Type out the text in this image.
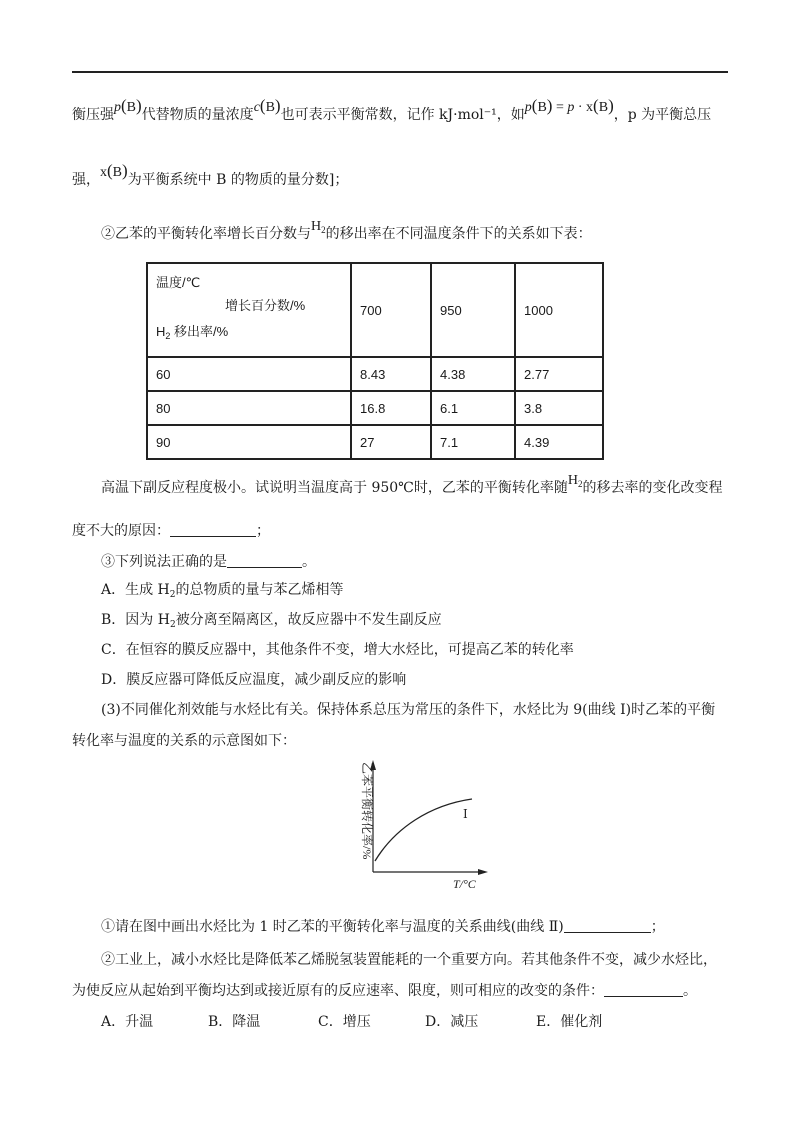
衡压强p(B)代替物质的量浓度c(B)也可表示平衡常数，记作 kJ·mol⁻¹，如p(B) = p · x(B)，p 为平衡总压
强，x(B)为平衡系统中 B 的物质的量分数]；
②乙苯的平衡转化率增长百分数与$H_2$的移出率在不同温度条件下的关系如下表：
温度/℃
增长百分数/%
$H_2$ 移出率/%	700	950	1000
60	8.43	4.38	2.77
80	16.8	6.1	3.8
90	27	7.1	4.39
高温下副反应程度极小。试说明当温度高于 950℃时，乙苯的平衡转化率随$H_2$的移去率的变化改变程
度不大的原因：	；
③下列说法正确的是	。
A．生成 $H_2$的总物质的量与苯乙烯相等
B．因为 $H_2$被分离至隔离区，故反应器中不发生副反应
C．在恒容的膜反应器中，其他条件不变，增大水烃比，可提高乙苯的转化率
D．膜反应器可降低反应温度，减少副反应的影响
(3)不同催化剂效能与水烃比有关。保持体系总压为常压的条件下，水烃比为 9(曲线 Ⅰ)时乙苯的平衡
转化率与温度的关系的示意图如下：
乙苯平衡转化率/%
T/°C
Ⅰ
①请在图中画出水烃比为 1 时乙苯的平衡转化率与温度的关系曲线(曲线 Ⅱ)	；
②工业上，减小水烃比是降低苯乙烯脱氢装置能耗的一个重要方向。若其他条件不变，减少水烃比，
为使反应从起始到平衡均达到或接近原有的反应速率、限度，则可相应的改变的条件：	。
A．升温	B．降温	C．增压	D．减压	E．催化剂
